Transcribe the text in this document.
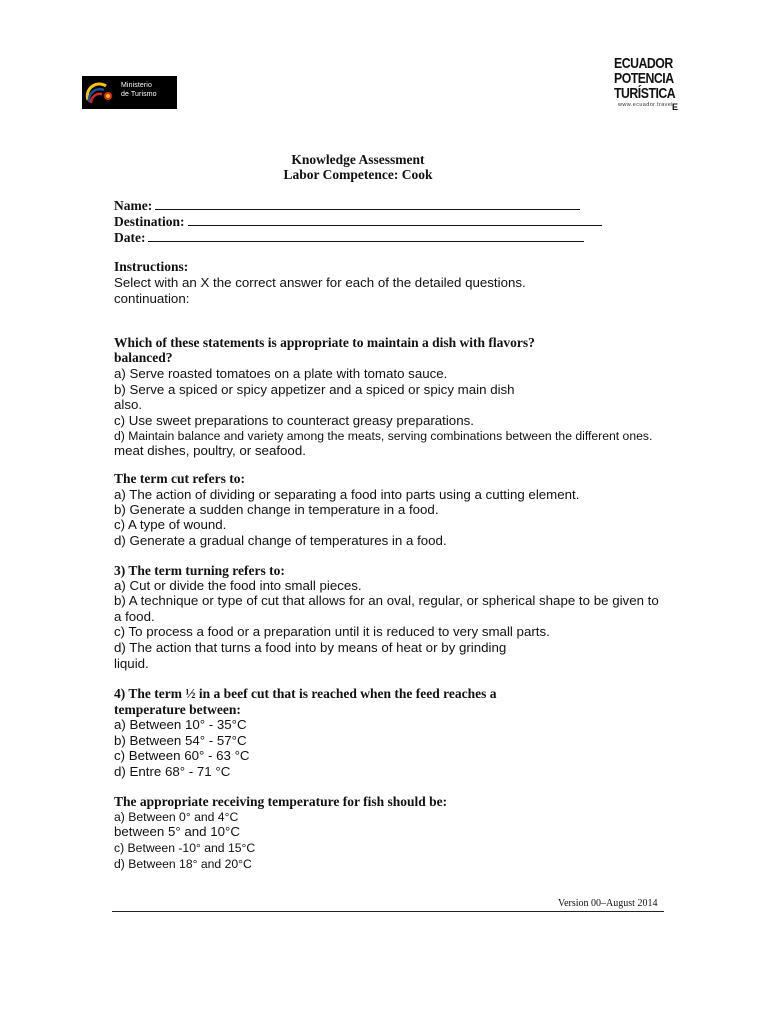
Ministerio
de Turismo
ECUADOR
POTENCIA
TURÍSTICA
www.ecuador.travel E
Knowledge Assessment
Labor Competence: Cook
Name:
Destination:
Date:
Instructions:
Select with an X the correct answer for each of the detailed questions.
continuation:
Which of these statements is appropriate to maintain a dish with flavors?
balanced?
a) Serve roasted tomatoes on a plate with tomato sauce.
b) Serve a spiced or spicy appetizer and a spiced or spicy main dish
also.
c) Use sweet preparations to counteract greasy preparations.
d) Maintain balance and variety among the meats, serving combinations between the different ones.
meat dishes, poultry, or seafood.
The term cut refers to:
a) The action of dividing or separating a food into parts using a cutting element.
b) Generate a sudden change in temperature in a food.
c) A type of wound.
d) Generate a gradual change of temperatures in a food.
3) The term turning refers to:
a) Cut or divide the food into small pieces.
b) A technique or type of cut that allows for an oval, regular, or spherical shape to be given to
a food.
c) To process a food or a preparation until it is reduced to very small parts.
d) The action that turns a food into by means of heat or by grinding
liquid.
4) The term ½ in a beef cut that is reached when the feed reaches a
temperature between:
a) Between 10° - 35°C
b) Between 54° - 57°C
c) Between 60° - 63 °C
d) Entre 68° - 71 °C
The appropriate receiving temperature for fish should be:
a) Between 0° and 4°C
between 5° and 10°C
c) Between -10° and 15°C
d) Between 18° and 20°C
Version 00–August 2014
